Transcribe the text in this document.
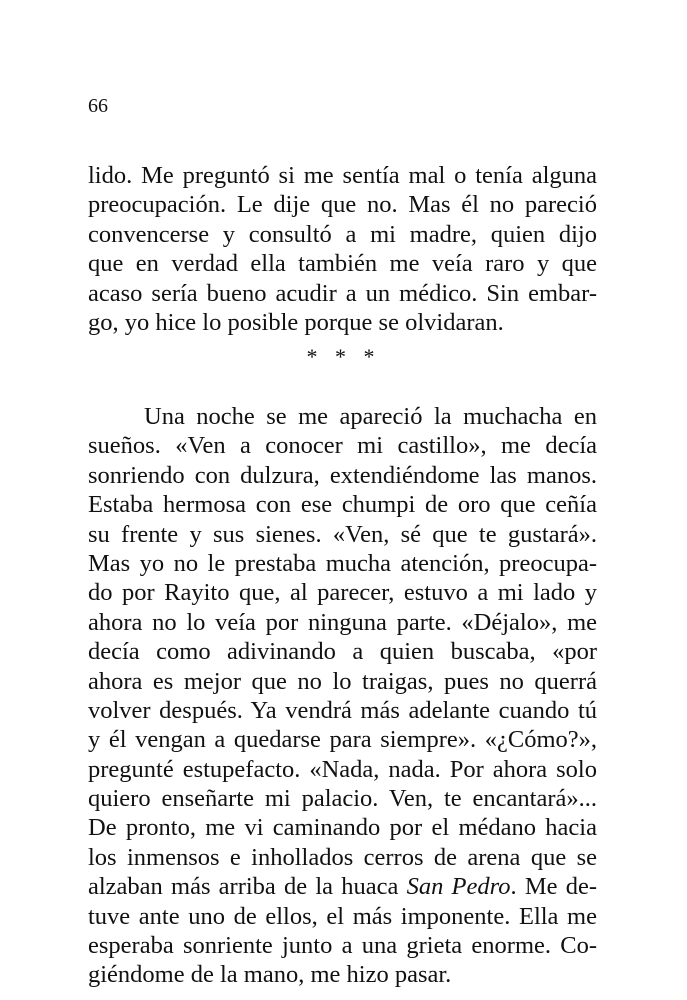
66
lido. Me preguntó si me sentía mal o tenía alguna
preocupación. Le dije que no. Mas él no pareció
convencerse y consultó a mi madre, quien dijo
que en verdad ella también me veía raro y que
acaso sería bueno acudir a un médico. Sin embar-
go, yo hice lo posible porque se olvidaran.
* * *
Una noche se me apareció la muchacha en
sueños. «Ven a conocer mi castillo», me decía
sonriendo con dulzura, extendiéndome las manos.
Estaba hermosa con ese chumpi de oro que ceñía
su frente y sus sienes. «Ven, sé que te gustará».
Mas yo no le prestaba mucha atención, preocupa-
do por Rayito que, al parecer, estuvo a mi lado y
ahora no lo veía por ninguna parte. «Déjalo», me
decía como adivinando a quien buscaba, «por
ahora es mejor que no lo traigas, pues no querrá
volver después. Ya vendrá más adelante cuando tú
y él vengan a quedarse para siempre». «¿Cómo?»,
pregunté estupefacto. «Nada, nada. Por ahora solo
quiero enseñarte mi palacio. Ven, te encantará»...
De pronto, me vi caminando por el médano hacia
los inmensos e inhollados cerros de arena que se
alzaban más arriba de la huaca San Pedro. Me de-
tuve ante uno de ellos, el más imponente. Ella me
esperaba sonriente junto a una grieta enorme. Co-
giéndome de la mano, me hizo pasar.
